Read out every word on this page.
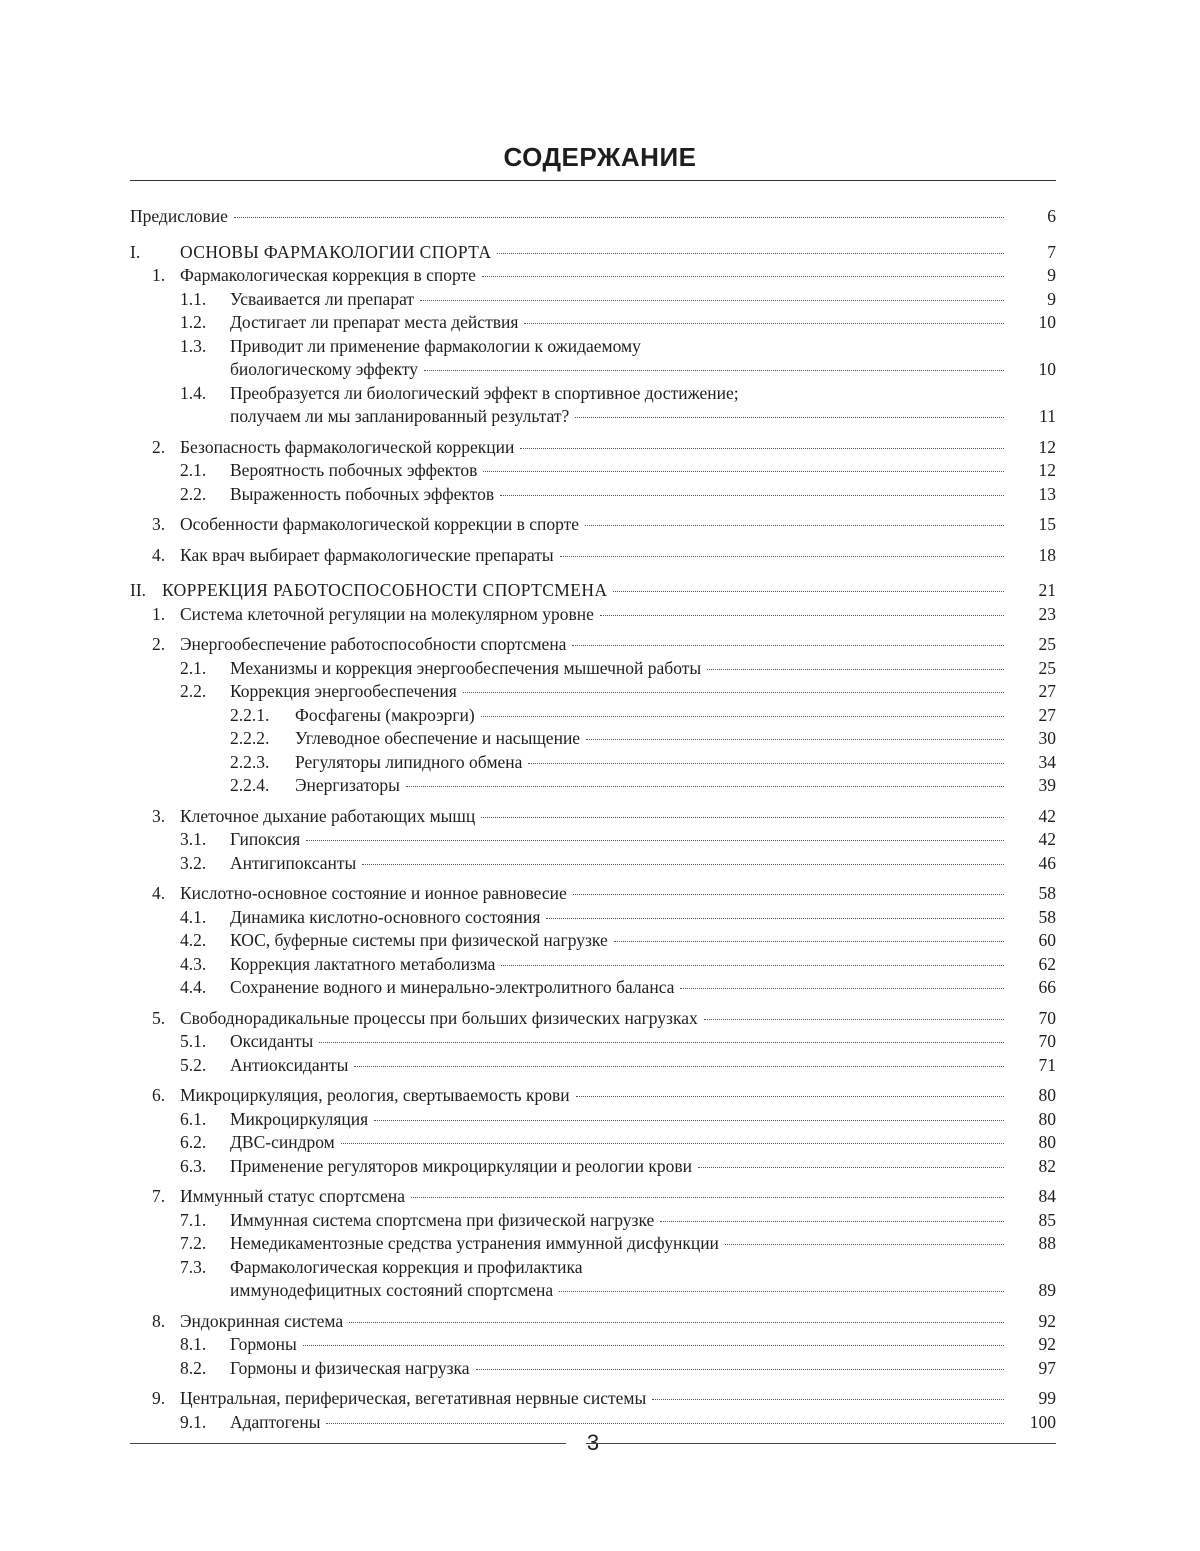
СОДЕРЖАНИЕ
Предисловие	6
I.	ОСНОВЫ ФАРМАКОЛОГИИ СПОРТА	7
1. Фармакологическая коррекция в спорте	9
1.1.	Усваивается ли препарат	9
1.2.	Достигает ли препарат места действия	10
1.3.	Приводит ли применение фармакологии к ожидаемому
биологическому эффекту	10
1.4.	Преобразуется ли биологический эффект в спортивное достижение;
получаем ли мы запланированный результат?	11
2. Безопасность фармакологической коррекции	12
2.1.	Вероятность побочных эффектов	12
2.2.	Выраженность побочных эффектов	13
3. Особенности фармакологической коррекции в спорте	15
4. Как врач выбирает фармакологические препараты	18
II. КОРРЕКЦИЯ РАБОТОСПОСОБНОСТИ СПОРТСМЕНА	21
1. Система клеточной регуляции на молекулярном уровне	23
2. Энергообеспечение работоспособности спортсмена	25
2.1.	Механизмы и коррекция энергообеспечения мышечной работы	25
2.2.	Коррекция энергообеспечения	27
2.2.1.	Фосфагены (макроэрги)	27
2.2.2.	Углеводное обеспечение и насыщение	30
2.2.3.	Регуляторы липидного обмена	34
2.2.4.	Энергизаторы	39
3. Клеточное дыхание работающих мышц	42
3.1.	Гипоксия	42
3.2.	Антигипоксанты	46
4. Кислотно-основное состояние и ионное равновесие	58
4.1.	Динамика кислотно-основного состояния	58
4.2.	КОС, буферные системы при физической нагрузке	60
4.3.	Коррекция лактатного метаболизма	62
4.4.	Сохранение водного и минерально-электролитного баланса	66
5. Свободнорадикальные процессы при больших физических нагрузках	70
5.1.	Оксиданты	70
5.2.	Антиоксиданты	71
6. Микроциркуляция, реология, свертываемость крови	80
6.1.	Микроциркуляция	80
6.2.	ДВС-синдром	80
6.3.	Применение регуляторов микроциркуляции и реологии крови	82
7. Иммунный статус спортсмена	84
7.1.	Иммунная система спортсмена при физической нагрузке	85
7.2.	Немедикаментозные средства устранения иммунной дисфункции	88
7.3.	Фармакологическая коррекция и профилактика
иммунодефицитных состояний спортсмена	89
8. Эндокринная система	92
8.1.	Гормоны	92
8.2.	Гормоны и физическая нагрузка	97
9. Центральная, периферическая, вегетативная нервные системы	99
9.1.	Адаптогены	100
3
